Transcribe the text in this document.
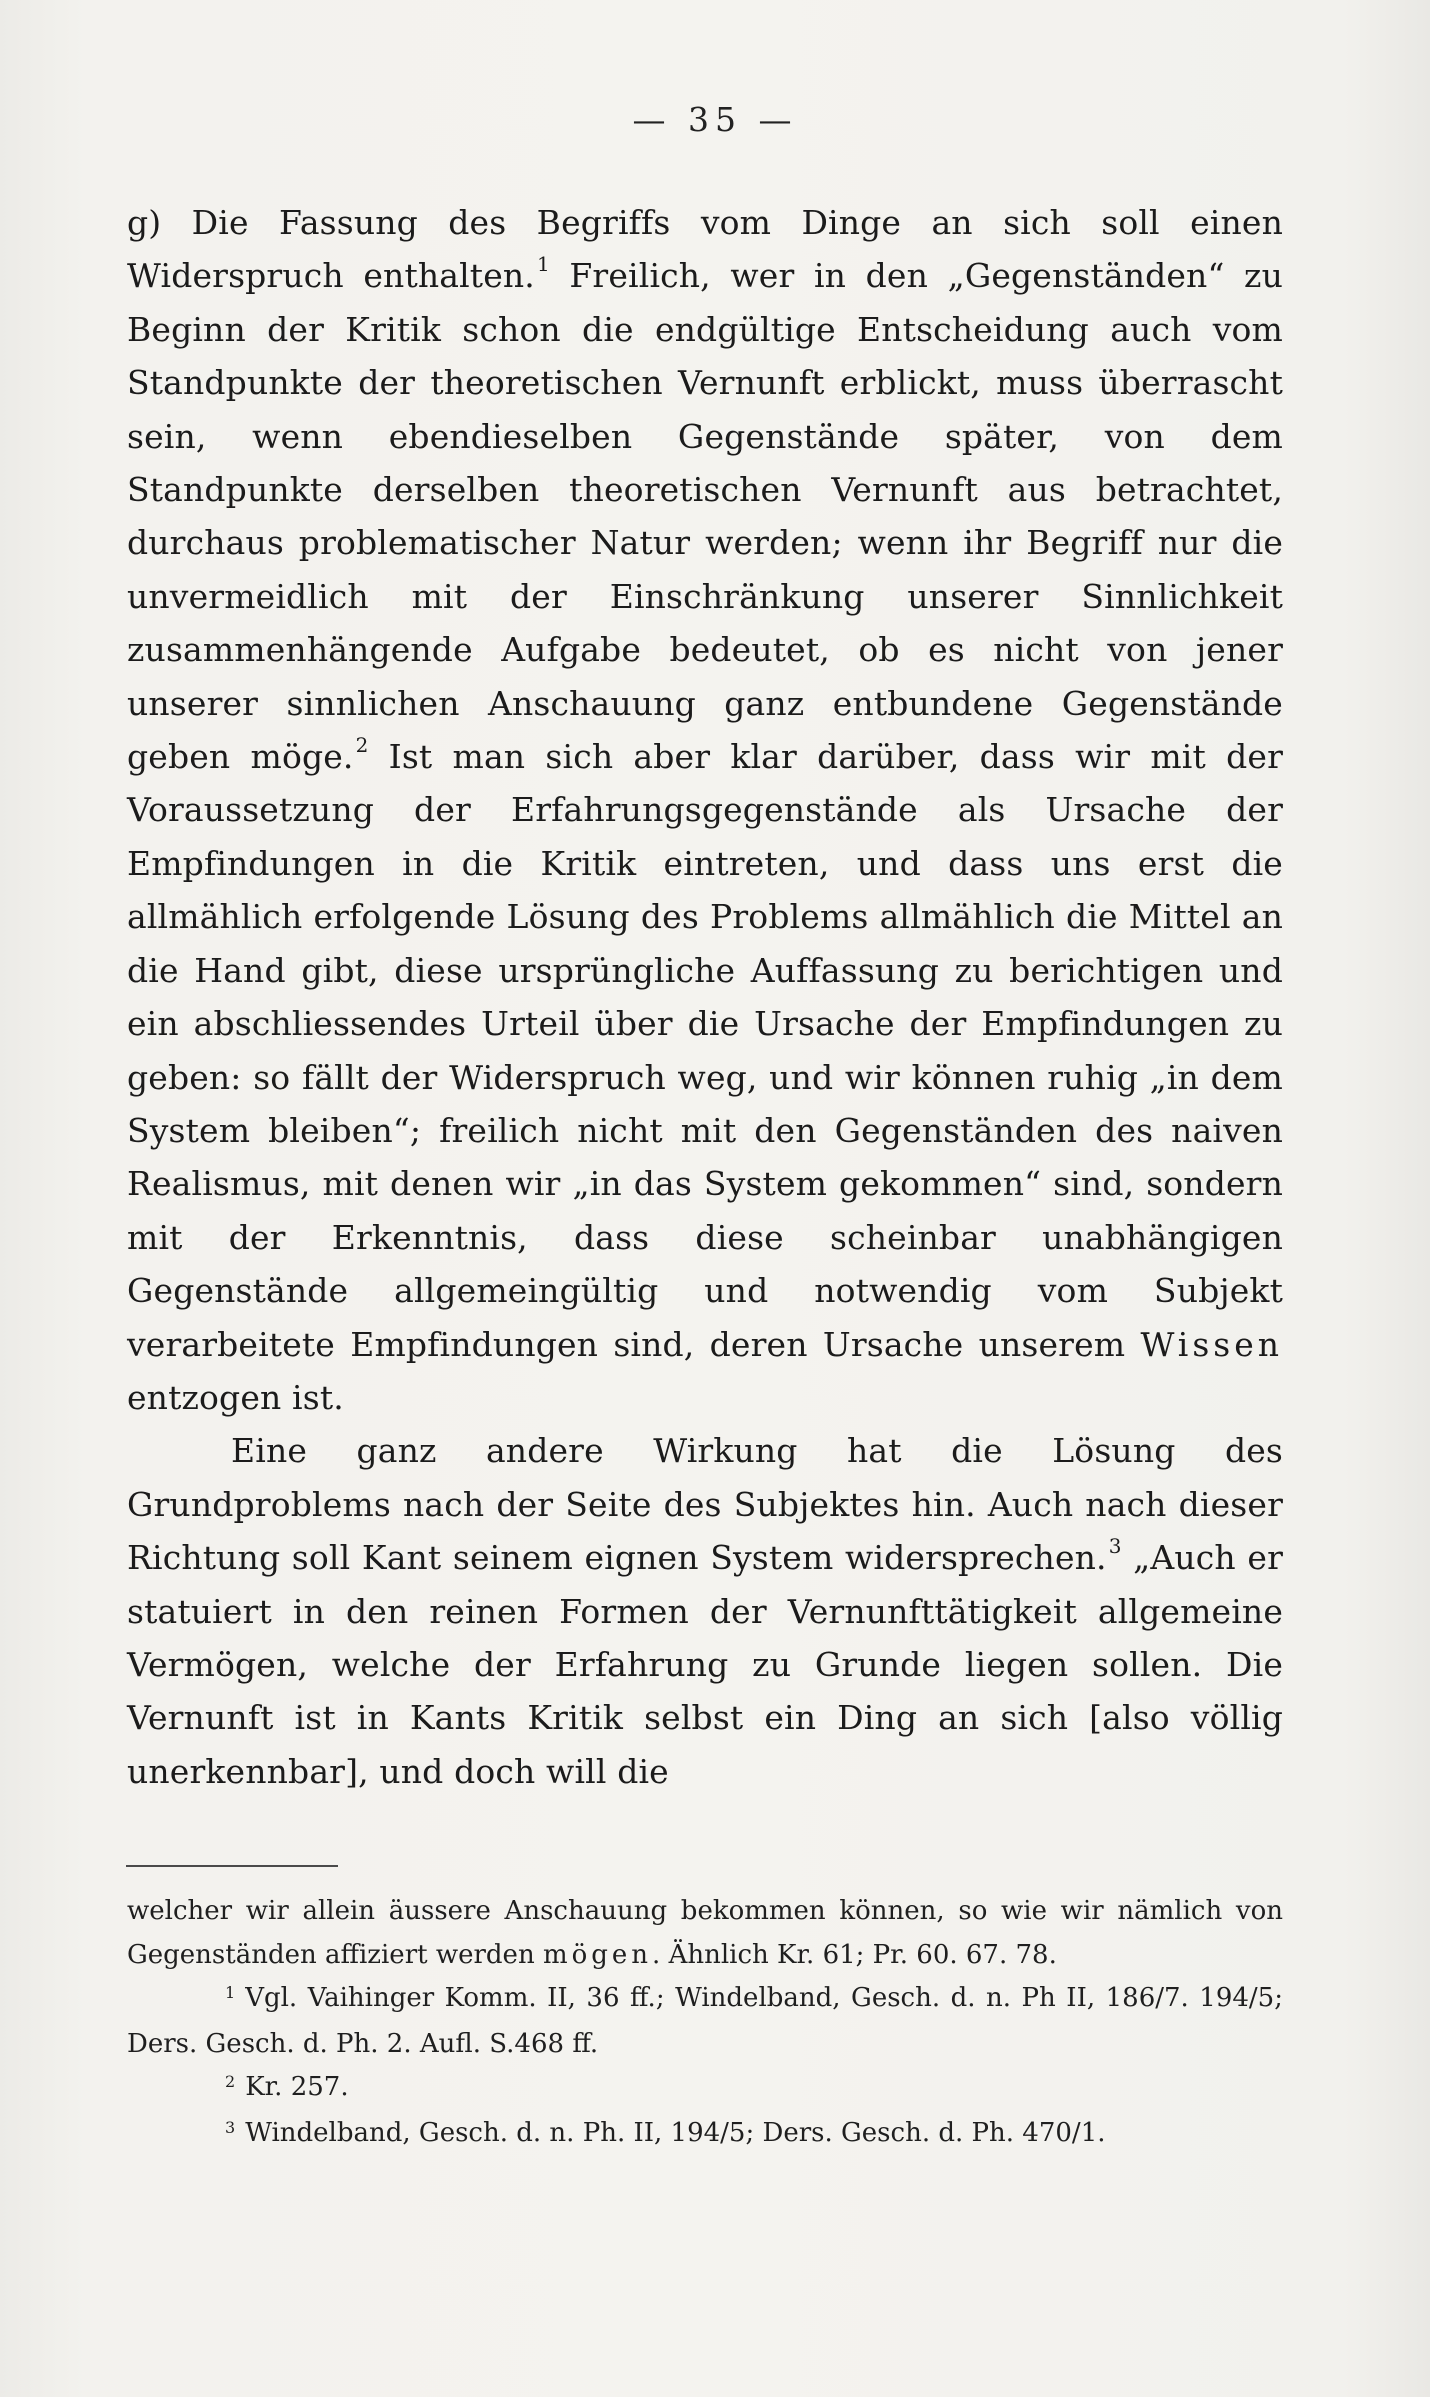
— 35 —

g) Die Fassung des Begriffs vom Dinge an sich soll einen Widerspruch enthalten. $^1$ Freilich, wer in den „Gegenständen“ zu Beginn der Kritik schon die endgültige Entscheidung auch vom Standpunkte der theoretischen Vernunft erblickt, muss überrascht sein, wenn ebendieselben Gegenstände später, von dem Standpunkte derselben theoretischen Vernunft aus betrachtet, durchaus problematischer Natur werden; wenn ihr Begriff nur die unvermeidlich mit der Einschränkung unserer Sinnlichkeit zusammenhängende Aufgabe bedeutet, ob es nicht von jener unserer sinnlichen Anschauung ganz entbundene Gegenstände geben möge. $^2$ Ist man sich aber klar darüber, dass wir mit der Voraussetzung der Erfahrungsgegenstände als Ursache der Empfindungen in die Kritik eintreten, und dass uns erst die allmählich erfolgende Lösung des Problems allmählich die Mittel an die Hand gibt, diese ursprüngliche Auffassung zu berichtigen und ein abschliessendes Urteil über die Ursache der Empfindungen zu geben: so fällt der Widerspruch weg, und wir können ruhig „in dem System bleiben“; freilich nicht mit den Gegenständen des naiven Realismus, mit denen wir „in das System gekommen“ sind, sondern mit der Erkenntnis, dass diese scheinbar unabhängigen Gegenstände allgemeingültig und notwendig vom Subjekt verarbeitete Empfindungen sind, deren Ursache unserem Wissen entzogen ist.

Eine ganz andere Wirkung hat die Lösung des Grundproblems nach der Seite des Subjektes hin. Auch nach dieser Richtung soll Kant seinem eignen System widersprechen. $^3$ „Auch er statuiert in den reinen Formen der Vernunfttätigkeit allgemeine Vermögen, welche der Erfahrung zu Grunde liegen sollen. Die Vernunft ist in Kants Kritik selbst ein Ding an sich [also völlig unerkennbar], und doch will die

welcher wir allein äussere Anschauung bekommen können, so wie wir nämlich von Gegenständen affiziert werden mögen. Ähnlich Kr. 61; Pr. 60. 67. 78.

$^1$ Vgl. Vaihinger Komm. II, 36 ff.; Windelband, Gesch. d. n. Ph II, 186/7. 194/5; Ders. Gesch. d. Ph. 2. Aufl. S.468 ff.

$^2$ Kr. 257.

$^3$ Windelband, Gesch. d. n. Ph. II, 194/5; Ders. Gesch. d. Ph. 470/1.
